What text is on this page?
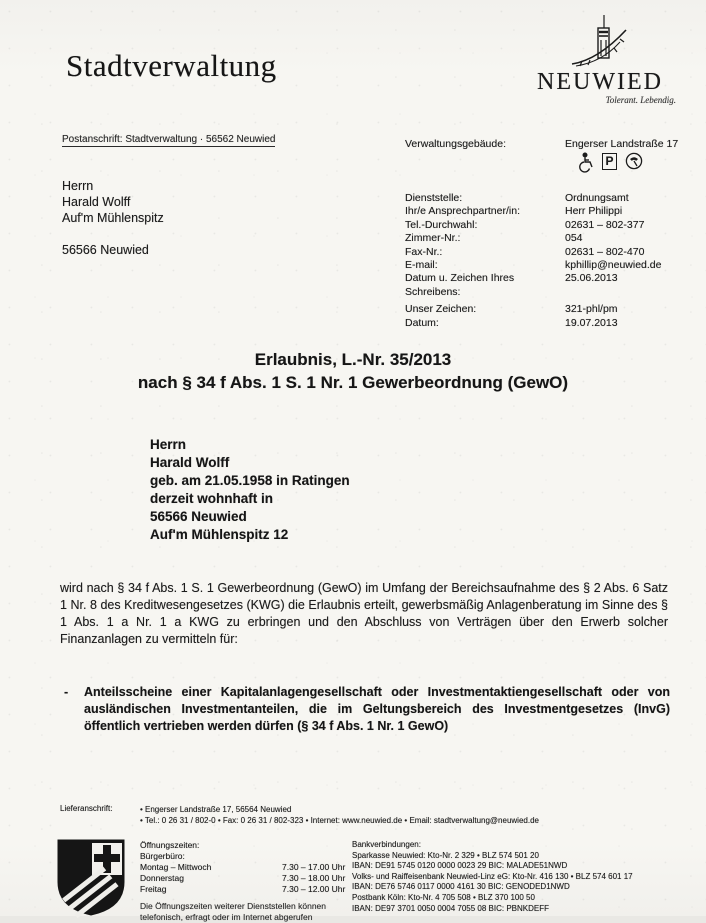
Stadtverwaltung	NEUWIED
Tolerant. Lebendig.
Postanschrift: Stadtverwaltung · 56562 Neuwied
Herrn
Harald Wolff
Auf'm Mühlenspitz
56566 Neuwied
Verwaltungsgebäude:	Engerser Landstraße 17
P
Dienststelle:	Ordnungsamt
Ihr/e Ansprechpartner/in:	Herr Philippi
Tel.-Durchwahl:	02631 – 802-377
Zimmer-Nr.:	054
Fax-Nr.:	02631 – 802-470
E-mail:	kphillip@neuwied.de
Datum u. Zeichen Ihres	25.06.2013
Schreibens:
Unser Zeichen:	321-phl/pm
Datum:	19.07.2013
Erlaubnis, L.-Nr. 35/2013
nach § 34 f Abs. 1 S. 1 Nr. 1 Gewerbeordnung (GewO)
Herrn
Harald Wolff
geb. am 21.05.1958 in Ratingen
derzeit wohnhaft in
56566 Neuwied
Auf'm Mühlenspitz 12
wird nach § 34 f Abs. 1 S. 1 Gewerbeordnung (GewO) im Umfang der Bereichsaufnahme des § 2 Abs. 6 Satz 1 Nr. 8 des Kreditwesengesetzes (KWG) die Erlaubnis erteilt, gewerbsmäßig Anlagenberatung im Sinne des § 1 Abs. 1 a Nr. 1 a KWG zu erbringen und den Abschluss von Verträgen über den Erwerb solcher Finanzanlagen zu vermitteln für:
-	Anteilsscheine einer Kapitalanlagengesellschaft oder Investmentaktiengesellschaft oder von ausländischen Investmentanteilen, die im Geltungsbereich des Investmentgesetzes (InvG) öffentlich vertrieben werden dürfen (§ 34 f Abs. 1 Nr. 1 GewO)
Lieferanschrift:	• Engerser Landstraße 17, 56564 Neuwied
• Tel.: 0 26 31 / 802-0 • Fax: 0 26 31 / 802-323 • Internet: www.neuwied.de • Email: stadtverwaltung@neuwied.de
Öffnungszeiten:
Bürgerbüro:
Montag – Mittwoch	7.30 – 17.00 Uhr
Donnerstag	7.30 – 18.00 Uhr
Freitag	7.30 – 12.00 Uhr
Die Öffnungszeiten weiterer Dienststellen können
telefonisch, erfragt oder im Internet abgerufen
Bankverbindungen:
Sparkasse Neuwied: Kto-Nr. 2 329 • BLZ 574 501 20
IBAN: DE91 5745 0120 0000 0023 29 BIC: MALADE51NWD
Volks- und Raiffeisenbank Neuwied-Linz eG: Kto-Nr. 416 130 • BLZ 574 601 17
IBAN: DE76 5746 0117 0000 4161 30 BIC: GENODED1NWD
Postbank Köln: Kto-Nr. 4 705 508 • BLZ 370 100 50
IBAN: DE97 3701 0050 0004 7055 08 BIC: PBNKDEFF
